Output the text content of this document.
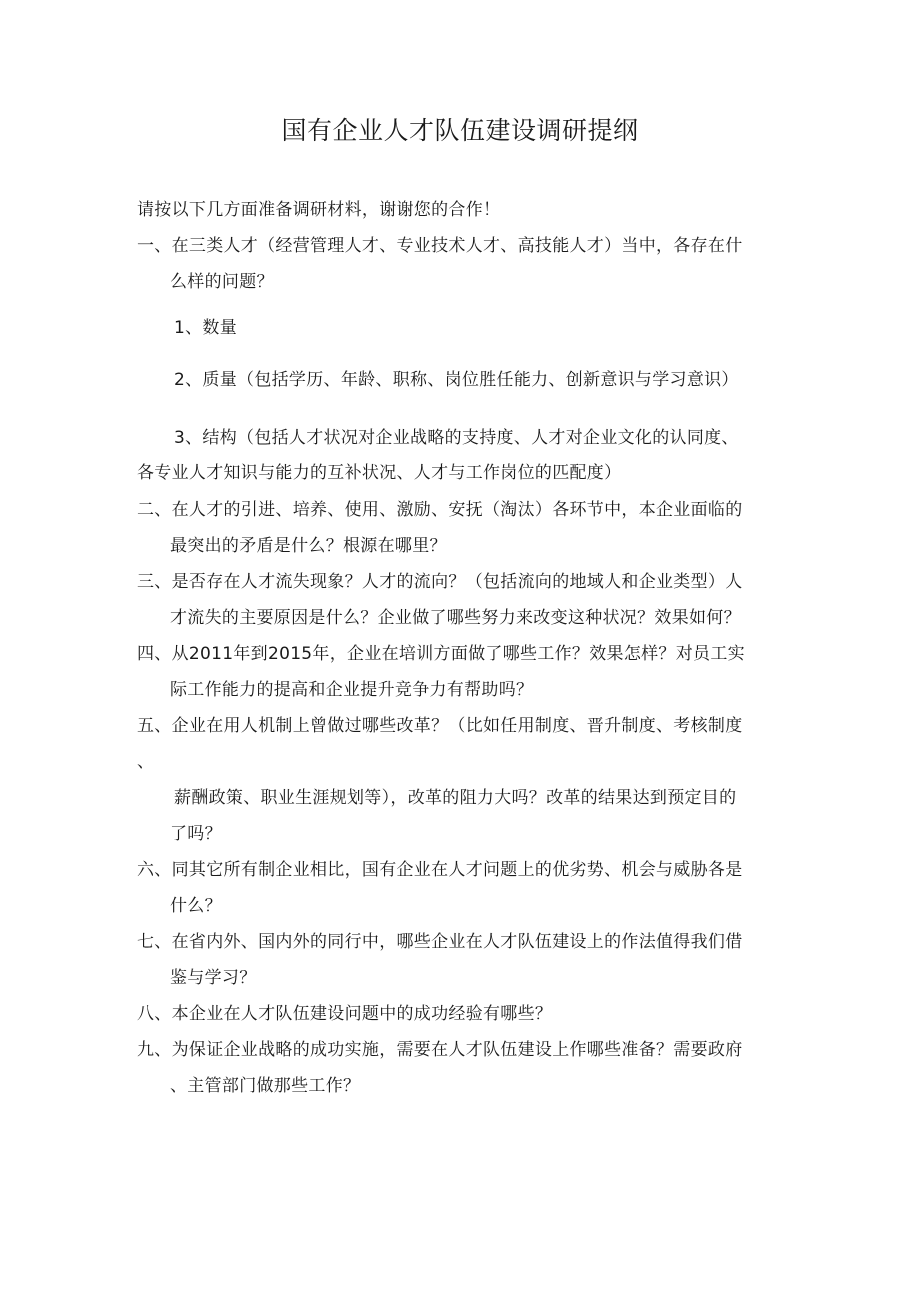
国有企业人才队伍建设调研提纲
请按以下几方面准备调研材料，谢谢您的合作！
一、在三类人才（经营管理人才、专业技术人才、高技能人才）当中，各存在什
么样的问题？
1、数量
2、质量（包括学历、年龄、职称、岗位胜任能力、创新意识与学习意识）
3、结构（包括人才状况对企业战略的支持度、人才对企业文化的认同度、
各专业人才知识与能力的互补状况、人才与工作岗位的匹配度）
二、在人才的引进、培养、使用、激励、安抚（淘汰）各环节中，本企业面临的
最突出的矛盾是什么？根源在哪里？
三、是否存在人才流失现象？人才的流向？（包括流向的地域人和企业类型）人
才流失的主要原因是什么？企业做了哪些努力来改变这种状况？效果如何？
四、从2011年到2015年，企业在培训方面做了哪些工作？效果怎样？对员工实
际工作能力的提高和企业提升竞争力有帮助吗？
五、企业在用人机制上曾做过哪些改革？（比如任用制度、晋升制度、考核制度
、
薪酬政策、职业生涯规划等），改革的阻力大吗？改革的结果达到预定目的
了吗？
六、同其它所有制企业相比，国有企业在人才问题上的优劣势、机会与威胁各是
什么？
七、在省内外、国内外的同行中，哪些企业在人才队伍建设上的作法值得我们借
鉴与学习？
八、本企业在人才队伍建设问题中的成功经验有哪些？
九、为保证企业战略的成功实施，需要在人才队伍建设上作哪些准备？需要政府
、主管部门做那些工作？
